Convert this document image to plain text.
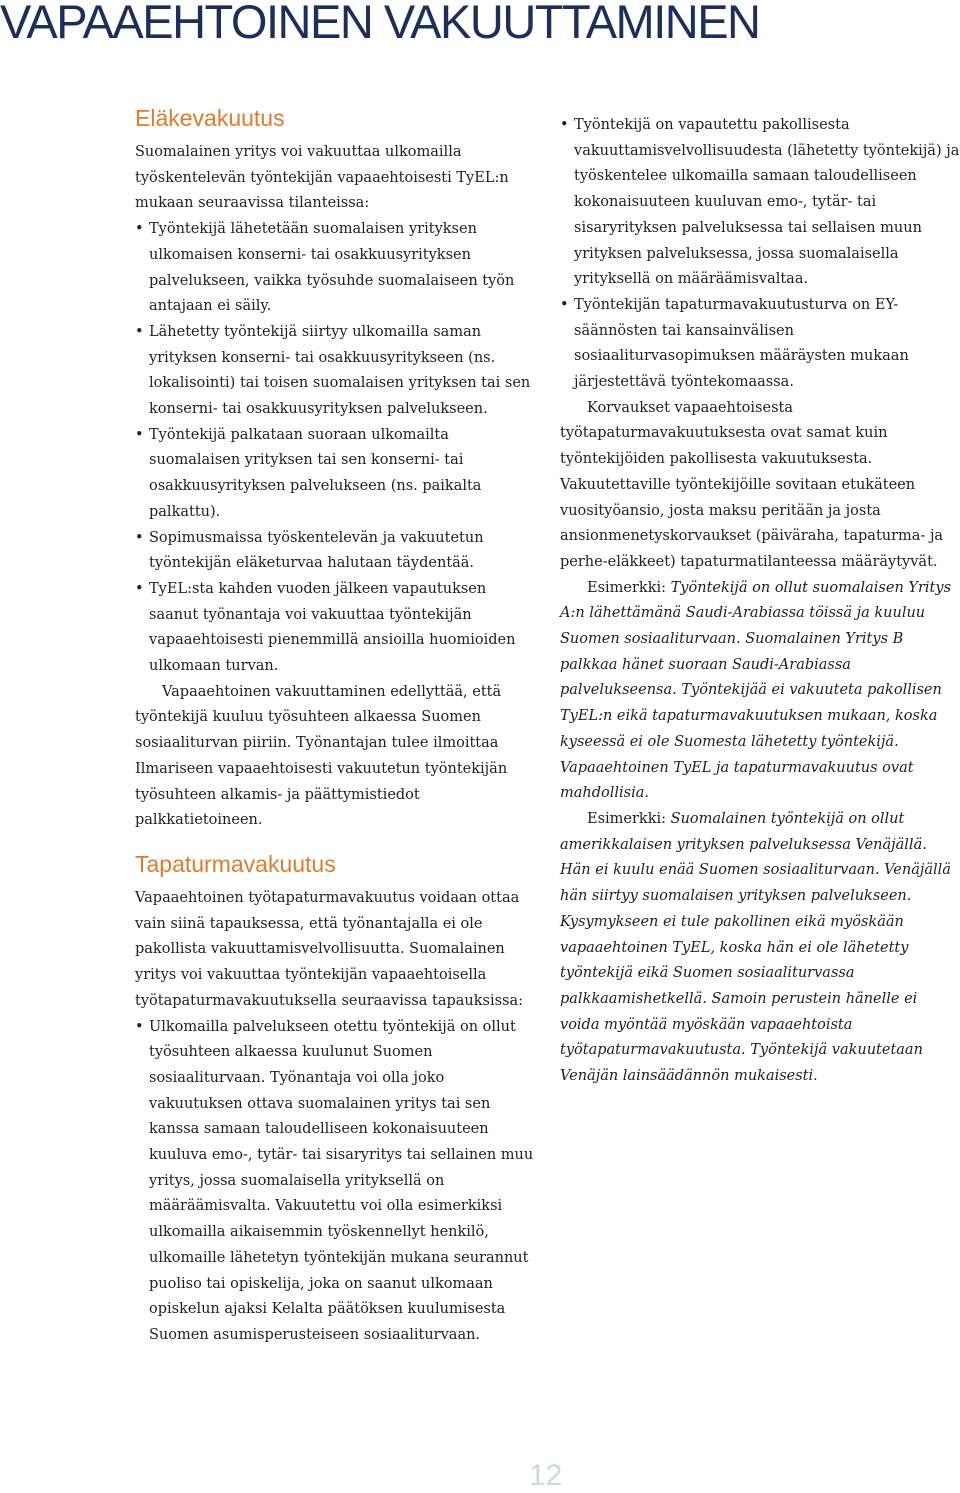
VAPAAEHTOINEN VAKUUTTAMINEN
Eläkevakuutus

Suomalainen yritys voi vakuuttaa ulkomailla työskentelevän työntekijän vapaaehtoisesti TyEL:n mukaan seuraavissa tilanteissa:

• Työntekijä lähetetään suomalaisen yrityksen ulkomaisen konserni- tai osakkuusyrityksen palvelukseen, vaikka työsuhde suomalaiseen työn antajaan ei säily.
• Lähetetty työntekijä siirtyy ulkomailla saman yrityksen konserni- tai osakkuusyritykseen (ns. lokalisointi) tai toisen suomalaisen yrityksen tai sen konserni- tai osakkuusyrityksen palvelukseen.
• Työntekijä palkataan suoraan ulkomailta suomalaisen yrityksen tai sen konserni- tai osakkuusyrityksen palvelukseen (ns. paikalta palkattu).
• Sopimusmaissa työskentelevän ja vakuutetun työntekijän eläketurvaa halutaan täydentää.
• TyEL:sta kahden vuoden jälkeen vapautuksen saanut työnantaja voi vakuuttaa työntekijän vapaaehtoisesti pienemmillä ansioilla huomioiden ulkomaan turvan.

Vapaaehtoinen vakuuttaminen edellyttää, että työntekijä kuuluu työsuhteen alkaessa Suomen sosiaaliturvan piiriin. Työnantajan tulee ilmoittaa Ilmariseen vapaaehtoisesti vakuutetun työntekijän työsuhteen alkamis- ja päättymistiedot palkkatietoineen.

Tapaturmavakuutus

Vapaaehtoinen työtapaturmavakuutus voidaan ottaa vain siinä tapauksessa, että työnantajalla ei ole pakollista vakuuttamisvelvollisuutta. Suomalainen yritys voi vakuuttaa työntekijän vapaaehtoisella työtapaturmavakuutuksella seuraavissa tapauksissa:

• Ulkomailla palvelukseen otettu työntekijä on ollut työsuhteen alkaessa kuulunut Suomen sosiaaliturvaan. Työnantaja voi olla joko vakuutuksen ottava suomalainen yritys tai sen kanssa samaan taloudelliseen kokonaisuuteen kuuluva emo-, tytär- tai sisaryritys tai sellainen muu yritys, jossa suomalaisella yrityksellä on määräämisvalta. Vakuutettu voi olla esimerkiksi ulkomailla aikaisemmin työskennellyt henkilö, ulkomaille lähetetyn työntekijän mukana seurannut puoliso tai opiskelija, joka on saanut ulkomaan opiskelun ajaksi Kelalta päätöksen kuulumisesta Suomen asumisperusteiseen sosiaaliturvaan.
• Työntekijä on vapautettu pakollisesta vakuuttamisvelvollisuudesta (lähetetty työntekijä) ja työskentelee ulkomailla samaan taloudelliseen kokonaisuuteen kuuluvan emo-, tytär- tai sisaryrityksen palveluksessa tai sellaisen muun yrityksen palveluksessa, jossa suomalaisella yrityksellä on määräämisvaltaa.
• Työntekijän tapaturmavakuutusturva on EY-säännösten tai kansainvälisen sosiaaliturvasopimuksen määräysten mukaan järjestettävä työntekomaassa.

Korvaukset vapaaehtoisesta työtapaturmavakuutuksesta ovat samat kuin työntekijöiden pakollisesta vakuutuksesta. Vakuutettaville työntekijöille sovitaan etukäteen vuosityöansio, josta maksu peritään ja josta ansionmenetyskorvaukset (päiväraha, tapaturma- ja perhe-eläkkeet) tapaturmatilanteessa määräytyvät.

Esimerkki: Työntekijä on ollut suomalaisen Yritys A:n lähettämänä Saudi-Arabiassa töissä ja kuuluu Suomen sosiaaliturvaan. Suomalainen Yritys B palkkaa hänet suoraan Saudi-Arabiassa palvelukseensa. Työntekijää ei vakuuteta pakollisen TyEL:n eikä tapaturmavakuutuksen mukaan, koska kyseessä ei ole Suomesta lähetetty työntekijä. Vapaaehtoinen TyEL ja tapaturmavakuutus ovat mahdollisia.

Esimerkki: Suomalainen työntekijä on ollut amerikkalaisen yrityksen palveluksessa Venäjällä. Hän ei kuulu enää Suomen sosiaaliturvaan. Venäjällä hän siirtyy suomalaisen yrityksen palvelukseen. Kysymykseen ei tule pakollinen eikä myöskään vapaaehtoinen TyEL, koska hän ei ole lähetetty työntekijä eikä Suomen sosiaaliturvassa palkkaamishetkellä. Samoin perustein hänelle ei voida myöntää myöskään vapaaehtoista työtapaturmavakuutusta. Työntekijä vakuutetaan Venäjän lainsäädännön mukaisesti.

12
